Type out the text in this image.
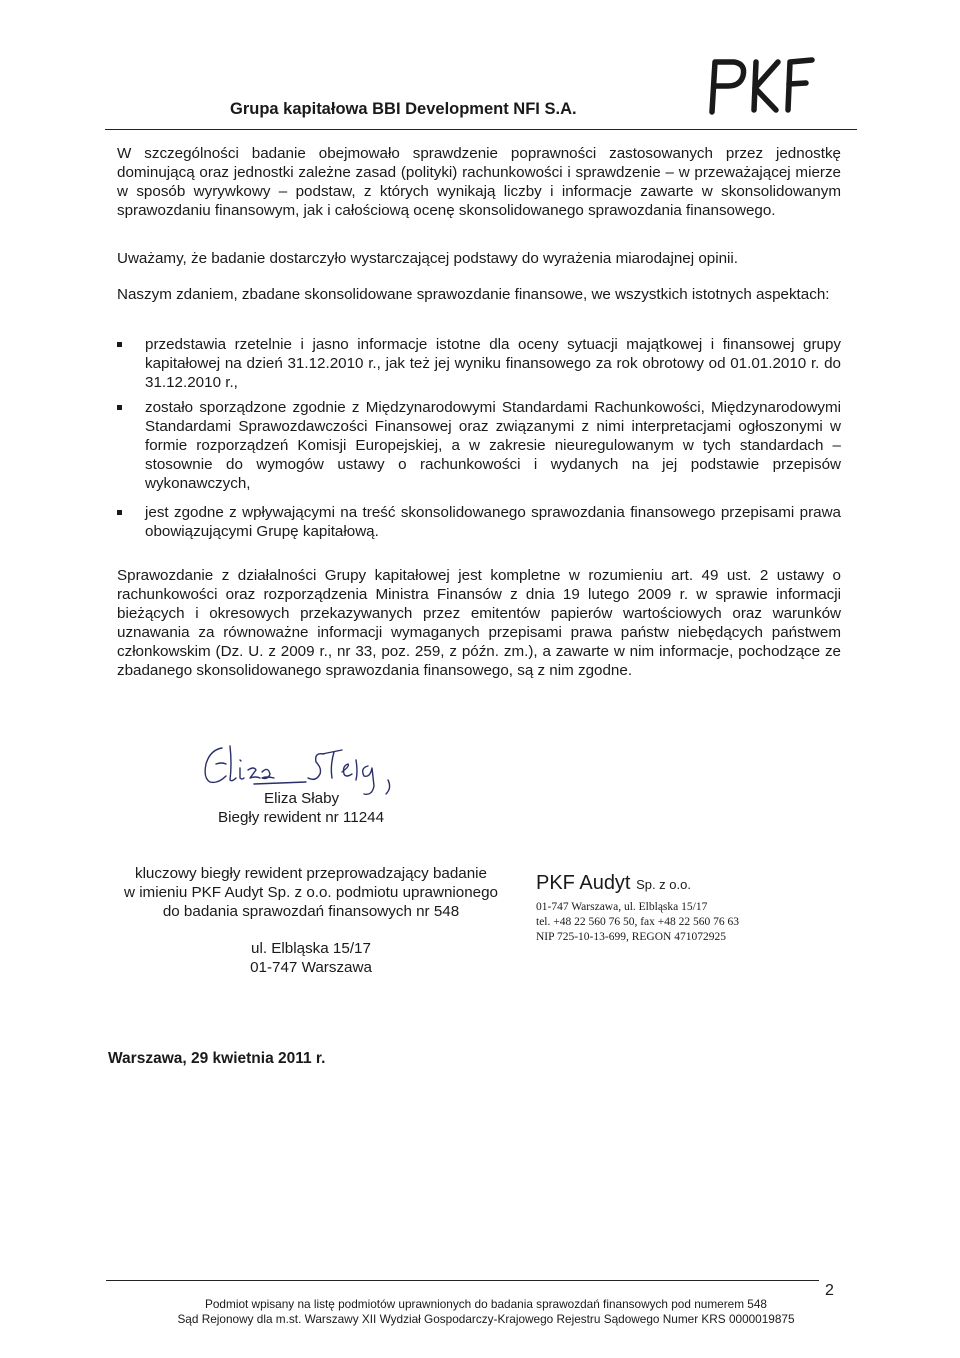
Grupa kapitałowa BBI Development NFI S.A.
W szczególności badanie obejmowało sprawdzenie poprawności zastosowanych przez jednostkę dominującą oraz jednostki zależne zasad (polityki) rachunkowości i sprawdzenie – w przeważającej mierze w sposób wyrywkowy – podstaw, z których wynikają liczby i informacje zawarte w skonsolidowanym sprawozdaniu finansowym, jak i całościową ocenę skonsolidowanego sprawozdania finansowego.
Uważamy, że badanie dostarczyło wystarczającej podstawy do wyrażenia miarodajnej opinii.
Naszym zdaniem, zbadane skonsolidowane sprawozdanie finansowe, we wszystkich istotnych aspektach:
przedstawia rzetelnie i jasno informacje istotne dla oceny sytuacji majątkowej i finansowej grupy kapitałowej na dzień 31.12.2010 r., jak też jej wyniku finansowego za rok obrotowy od 01.01.2010 r. do 31.12.2010 r.,
zostało sporządzone zgodnie z Międzynarodowymi Standardami Rachunkowości, Międzynarodowymi Standardami Sprawozdawczości Finansowej oraz związanymi z nimi interpretacjami ogłoszonymi w formie rozporządzeń Komisji Europejskiej, a w zakresie nieuregulowanym w tych standardach – stosownie do wymogów ustawy o rachunkowości i wydanych na jej podstawie przepisów wykonawczych,
jest zgodne z wpływającymi na treść skonsolidowanego sprawozdania finansowego przepisami prawa obowiązującymi Grupę kapitałową.
Sprawozdanie z działalności Grupy kapitałowej jest kompletne w rozumieniu art. 49 ust. 2 ustawy o rachunkowości oraz rozporządzenia Ministra Finansów z dnia 19 lutego 2009 r. w sprawie informacji bieżących i okresowych przekazywanych przez emitentów papierów wartościowych oraz warunków uznawania za równoważne informacji wymaganych przepisami prawa państw niebędących państwem członkowskim (Dz. U. z 2009 r., nr 33, poz. 259, z późn. zm.), a zawarte w nim informacje, pochodzące ze zbadanego skonsolidowanego sprawozdania finansowego, są z nim zgodne.
Eliza Słaby
Biegły rewident nr 11244
kluczowy biegły rewident przeprowadzający badanie
w imieniu PKF Audyt Sp. z o.o. podmiotu uprawnionego
do badania sprawozdań finansowych nr 548
ul. Elbląska 15/17
01-747 Warszawa
PKF Audyt Sp. z o.o.
01-747 Warszawa, ul. Elbląska 15/17
tel. +48 22 560 76 50, fax +48 22 560 76 63
NIP 725-10-13-699, REGON 471072925
Warszawa, 29 kwietnia 2011 r.
2
Podmiot wpisany na listę podmiotów uprawnionych do badania sprawozdań finansowych pod numerem 548
Sąd Rejonowy dla m.st. Warszawy XII Wydział Gospodarczy-Krajowego Rejestru Sądowego Numer KRS 0000019875
